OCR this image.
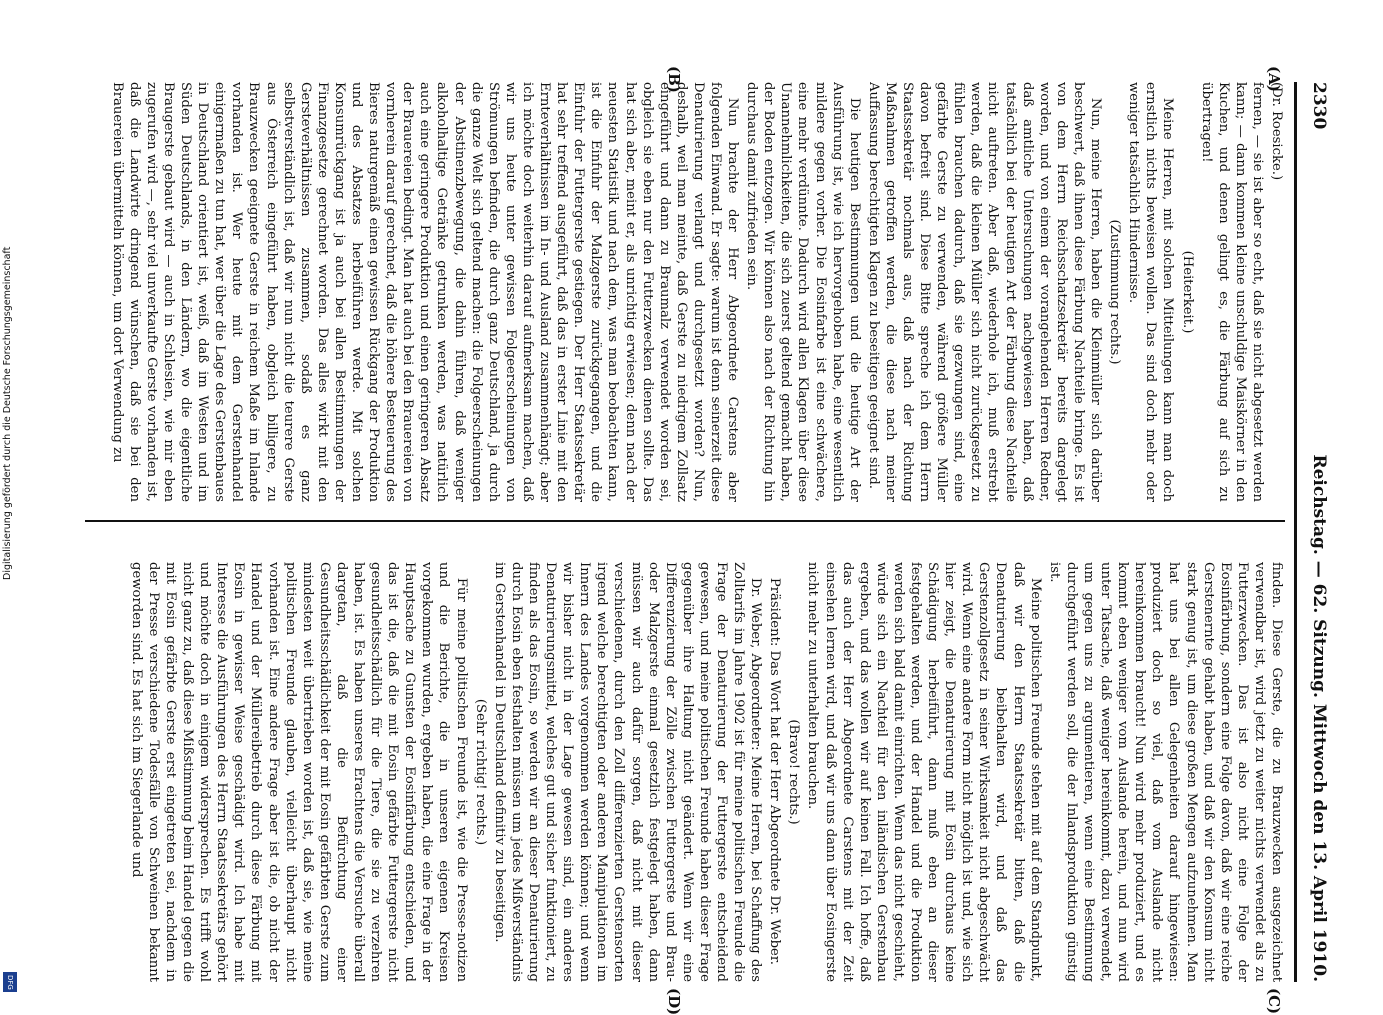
2330
Reichstag. — 62. Sitzung. Mittwoch den 13. April 1910.
(A)
(B)
(C)
(D)

(Dr. Roesicke.)

fernen, — sie ist aber so echt, daß sie nicht abgesetzt werden kann; — dann kommen kleine unschuldige Maiskörner in den Kuchen, und denen gelingt es, die Färbung auf sich zu übertragen!

(Heiterkeit.)

Meine Herren, mit solchen Mitteilungen kann man doch ernstlich nichts beweisen wollen. Das sind doch mehr oder weniger tatsächlich Hindernisse.

(Zustimmung rechts.)

Nun, meine Herren, haben die Kleinmüller sich darüber beschwert, daß ihnen diese Färbung Nachteile bringe. Es ist von dem Herrn Reichsschatzsekretär bereits dargelegt worden, und von einem der vorangehenden Herren Redner, daß amtliche Untersuchungen nachgewiesen haben, daß tatsächlich bei der heutigen Art der Färbung diese Nachteile nicht auftreten. Aber daß, wiederhole ich, muß erstrebt werden, daß die kleinen Müller sich nicht zurückgesetzt zu fühlen brauchen dadurch, daß sie gezwungen sind, eine gefärbte Gerste zu verwenden, während größere Müller davon befreit sind. Diese Bitte spreche ich dem Herrn Staatssekretär nochmals aus, daß nach der Richtung Maßnahmen getroffen werden, die diese nach meiner Auffassung berechtigten Klagen zu beseitigen geeignet sind.

Die heutigen Bestimmungen und die heutige Art der Ausführung ist, wie ich hervorgehoben habe, eine wesentlich mildere gegen vorher. Die Eosinfarbe ist eine schwächere, eine mehr verdünnte. Dadurch wird allen Klagen über diese Unannehmlichkeiten, die sich zuerst geltend gemacht haben, der Boden entzogen. Wir können also nach der Richtung hin durchaus damit zufrieden sein.

Nun brachte der Herr Abgeordnete Carstens aber folgenden Einwand. Er sagte: warum ist denn seinerzeit diese Denaturierung verlangt und durchgesetzt worden? Nun, deshalb, weil man meinte, daß Gerste zu niedrigem Zollsatz eingeführt und dann zu Braumalz verwendet worden sei, obgleich sie eben nur den Futterzwecken dienen sollte. Das hat sich aber, meint er, als unrichtig erwiesen; denn nach der neuesten Statistik und nach dem, was man beobachten kann, ist die Einfuhr der Malzgerste zurückgegangen, und die Einfuhr der Futtergerste gestiegen. Der Herr Staatssekretär hat sehr treffend ausgeführt, daß das in erster Linie mit den Ernteverhältnissen im In- und Ausland zusammenhängt; aber ich möchte doch weiterhin darauf aufmerksam machen, daß wir uns heute unter gewissen Folgeerscheinungen von Strömungen befinden, die durch ganz Deutschland, ja durch die ganze Welt sich geltend machen: die Folgeerscheinungen der Abstinenzbewegung, die dahin führen, daß weniger alkoholhaltige Getränke getrunken werden, was natürlich auch eine geringere Produktion und einen geringeren Absatz der Brauereien bedingt. Man hat auch bei den Brauereien von vornherein darauf gerechnet, daß die höhere Besteuerung des Bieres naturgemäß einen gewissen Rückgang der Produktion und des Absatzes herbeiführen werde. Mit solchen Konsumrückgang ist ja auch bei allen Bestimmungen der Finanzgesetze gerechnet worden. Das alles wirkt mit den Gersteverhältnissen zusammen, sodaß es ganz selbstverständlich ist, daß wir nun nicht die teurere Gerste aus Österreich eingeführt haben, obgleich billigere, zu Brauzwecken geeignete Gerste in reichem Maße im Inlande vorhanden ist. Wer heute mit dem Gerstenhandel einigermaßen zu tun hat, wer über die Lage des Gerstenbaues in Deutschland orientiert ist, weiß, daß im Westen und im Süden Deutschlands, in den Ländern, wo die eigentliche Braugerste gebaut wird — auch in Schlesien, wie mir eben zugerufen wird —, sehr viel unverkaufte Gerste vorhanden ist, daß die Landwirte dringend wünschen, daß sie bei den Brauereien übermitteln können, um dort Verwendung zu

finden. Diese Gerste, die zu Brauzwecken ausgezeichnet verwendbar ist, wird jetzt zu weiter nichts verwendet als zu Futterzwecken. Das ist also nicht eine Folge der Eosinfärbung, sondern eine Folge davon, daß wir eine reiche Gerstenernte gehabt haben, und daß wir den Konsum nicht stark genug ist, um diese großen Mengen aufzunehmen. Man hat uns bei allen Gelegenheiten darauf hingewiesen: produziert doch so viel, daß vom Auslande nicht hereinkommen braucht! Nun wird mehr produziert, und es kommt eben weniger vom Auslande herein, und nun wird unter Tatsache, daß weniger hereinkommt, dazu verwendet, um gegen uns zu argumentieren, wenn eine Bestimmung durchgeführt werden soll, die der Inlandsproduktion günstig ist.

Meine politischen Freunde stehen mit auf dem Standpunkt, daß wir den Herrn Staatssekretär bitten, daß die Denaturierung beibehalten wird, und daß das Gerstenzollgesetz in seiner Wirksamkeit nicht abgeschwächt wird. Wenn eine andere Form nicht möglich ist und, wie sich hier zeigt, die Denaturierung mit Eosin durchaus keine Schädigung herbeiführt, dann muß eben an dieser festgehalten werden, und der Handel und die Produktion werden sich bald damit einrichten. Wenn das nicht geschieht, würde sich ein Nachteil für den inländischen Gerstenbau ergeben, und das wollen wir auf keinen Fall. Ich hoffe, daß das auch der Herr Abgeordnete Carstens mit der Zeit einsehen lernen wird, und daß wir uns dann über Eosingerste nicht mehr zu unterhalten brauchen.

(Bravo! rechts.)

Präsident: Das Wort hat der Herr Abgeordnete Dr. Weber.

Dr. Weber, Abgeordneter: Meine Herren, bei Schaffung des Zolltarifs im Jahre 1902 ist für meine politischen Freunde die Frage der Denaturierung der Futtergerste entscheidend gewesen, und meine politischen Freunde haben dieser Frage gegenüber ihre Haltung nicht geändert. Wenn wir eine Differenzierung der Zölle zwischen Futtergerste und Brau- oder Malzgerste einmal gesetzlich festgelegt haben, dann müssen wir auch dafür sorgen, daß nicht mit dieser verschiedenen, durch den Zoll differenzierten Gerstensorten irgend welche berechtigten oder anderen Manipulationen im Innern des Landes vorgenommen werden können; und wenn wir bisher nicht in der Lage gewesen sind, ein anderes Denaturierungsmittel, welches gut und sicher funktioniert, zu finden als das Eosin, so werden wir an dieser Denaturierung durch Eosin eben festhalten müssen um jedes Mißverständnis im Gerstenhandel in Deutschland definitiv zu beseitigen.

(Sehr richtig! rechts.)

Für meine politischen Freunde ist, wie die Presse-notizen und die Berichte, die in unseren eigenen Kreisen vorgekommen wurden, ergeben haben, die eine Frage in der Hauptsache zu Gunsten der Eosinfärbung entschieden, und das ist die, daß die mit Eosin gefärbte Futtergerste nicht gesundheitsschädlich für die Tiere, die sie zu verzehren haben, ist. Es haben unseres Erachtens die Versuche überall dargetan, daß die Befürchtung einer Gesundheitsschädlichkeit der mit Eosin gefärbten Gerste zum mindesten weit übertrieben worden ist, daß sie, wie meine politischen Freunde glauben, vielleicht überhaupt nicht vorhanden ist. Eine andere Frage aber ist die, ob nicht der Handel und der Müllereibetrieb durch diese Färbung mit Eosin in gewisser Weise geschädigt wird. Ich habe mit Interesse die Ausführungen des Herrn Staatssekretärs gehört und möchte doch in einigem widersprechen. Es trifft wohl nicht ganz zu, daß diese Mißstimmung beim Handel gegen die mit Eosin gefärbte Gerste erst eingetreten sei, nachdem in der Presse verschiedene Todesfälle von Schweinen bekannt geworden sind. Es hat sich im Siegerlande und

Digitalisierung gefördert durch die Deutsche Forschungsgemeinschaft
DFG
